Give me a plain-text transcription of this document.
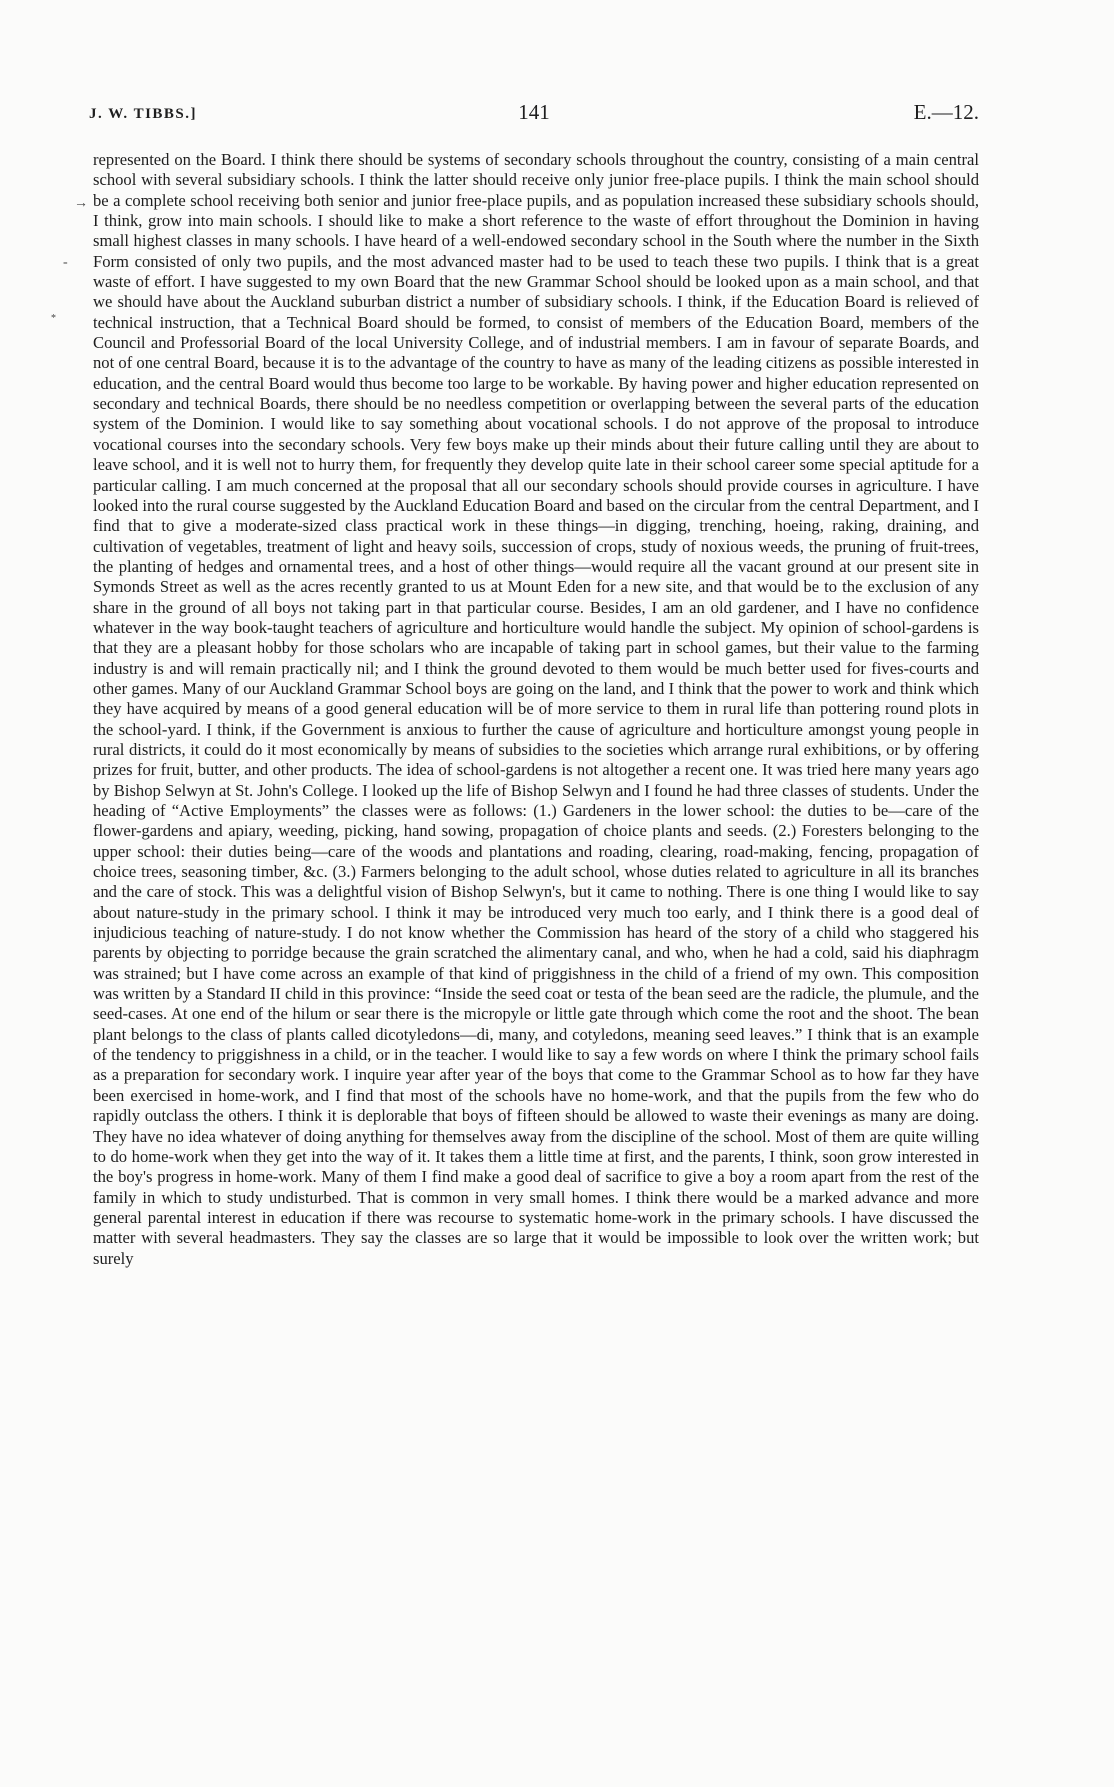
J. W. TIBBS.]	141	E.—12.
→
-
*

represented on the Board. I think there should be systems of secondary schools throughout the country, consisting of a main central school with several subsidiary schools. I think the latter should receive only junior free-place pupils. I think the main school should be a complete school receiving both senior and junior free-place pupils, and as population increased these subsidiary schools should, I think, grow into main schools. I should like to make a short reference to the waste of effort throughout the Dominion in having small highest classes in many schools. I have heard of a well-endowed secondary school in the South where the number in the Sixth Form consisted of only two pupils, and the most advanced master had to be used to teach these two pupils. I think that is a great waste of effort. I have suggested to my own Board that the new Grammar School should be looked upon as a main school, and that we should have about the Auckland suburban district a number of subsidiary schools. I think, if the Education Board is relieved of technical instruction, that a Technical Board should be formed, to consist of members of the Education Board, members of the Council and Professorial Board of the local University College, and of industrial members. I am in favour of separate Boards, and not of one central Board, because it is to the advantage of the country to have as many of the leading citizens as possible interested in education, and the central Board would thus become too large to be workable. By having power and higher education represented on secondary and technical Boards, there should be no needless competition or overlapping between the several parts of the education system of the Dominion. I would like to say something about vocational schools. I do not approve of the proposal to introduce vocational courses into the secondary schools. Very few boys make up their minds about their future calling until they are about to leave school, and it is well not to hurry them, for frequently they develop quite late in their school career some special aptitude for a particular calling. I am much concerned at the proposal that all our secondary schools should provide courses in agriculture. I have looked into the rural course suggested by the Auckland Education Board and based on the circular from the central Department, and I find that to give a moderate-sized class practical work in these things—in digging, trenching, hoeing, raking, draining, and cultivation of vegetables, treatment of light and heavy soils, succession of crops, study of noxious weeds, the pruning of fruit-trees, the planting of hedges and ornamental trees, and a host of other things—would require all the vacant ground at our present site in Symonds Street as well as the acres recently granted to us at Mount Eden for a new site, and that would be to the exclusion of any share in the ground of all boys not taking part in that particular course. Besides, I am an old gardener, and I have no confidence whatever in the way book-taught teachers of agriculture and horticulture would handle the subject. My opinion of school-gardens is that they are a pleasant hobby for those scholars who are incapable of taking part in school games, but their value to the farming industry is and will remain practically nil; and I think the ground devoted to them would be much better used for fives-courts and other games. Many of our Auckland Grammar School boys are going on the land, and I think that the power to work and think which they have acquired by means of a good general education will be of more service to them in rural life than pottering round plots in the school-yard. I think, if the Government is anxious to further the cause of agriculture and horticulture amongst young people in rural districts, it could do it most economically by means of subsidies to the societies which arrange rural exhibitions, or by offering prizes for fruit, butter, and other products. The idea of school-gardens is not altogether a recent one. It was tried here many years ago by Bishop Selwyn at St. John's College. I looked up the life of Bishop Selwyn and I found he had three classes of students. Under the heading of “Active Employments” the classes were as follows: (1.) Gardeners in the lower school: the duties to be—care of the flower-gardens and apiary, weeding, picking, hand sowing, propagation of choice plants and seeds. (2.) Foresters belonging to the upper school: their duties being—care of the woods and plantations and roading, clearing, road-making, fencing, propagation of choice trees, seasoning timber, &c. (3.) Farmers belonging to the adult school, whose duties related to agriculture in all its branches and the care of stock. This was a delightful vision of Bishop Selwyn's, but it came to nothing. There is one thing I would like to say about nature-study in the primary school. I think it may be introduced very much too early, and I think there is a good deal of injudicious teaching of nature-study. I do not know whether the Commission has heard of the story of a child who staggered his parents by objecting to porridge because the grain scratched the alimentary canal, and who, when he had a cold, said his diaphragm was strained; but I have come across an example of that kind of priggishness in the child of a friend of my own. This composition was written by a Standard II child in this province: “Inside the seed coat or testa of the bean seed are the radicle, the plumule, and the seed-cases. At one end of the hilum or sear there is the micropyle or little gate through which come the root and the shoot. The bean plant belongs to the class of plants called dicotyledons—di, many, and cotyledons, meaning seed leaves.” I think that is an example of the tendency to priggishness in a child, or in the teacher. I would like to say a few words on where I think the primary school fails as a preparation for secondary work. I inquire year after year of the boys that come to the Grammar School as to how far they have been exercised in home-work, and I find that most of the schools have no home-work, and that the pupils from the few who do rapidly outclass the others. I think it is deplorable that boys of fifteen should be allowed to waste their evenings as many are doing. They have no idea whatever of doing anything for themselves away from the discipline of the school. Most of them are quite willing to do home-work when they get into the way of it. It takes them a little time at first, and the parents, I think, soon grow interested in the boy's progress in home-work. Many of them I find make a good deal of sacrifice to give a boy a room apart from the rest of the family in which to study undisturbed. That is common in very small homes. I think there would be a marked advance and more general parental interest in education if there was recourse to systematic home-work in the primary schools. I have discussed the matter with several headmasters. They say the classes are so large that it would be impossible to look over the written work; but surely
